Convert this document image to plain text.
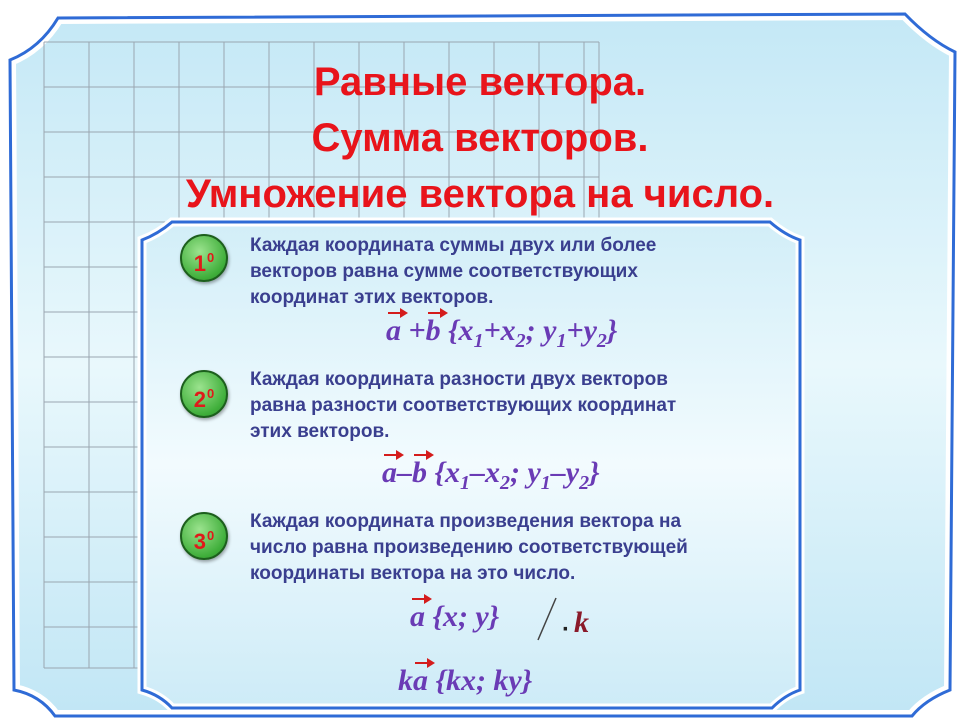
Равные вектора.
Сумма векторов.
Умножение вектора на число.
$1^0$
Каждая координата суммы двух или более
векторов равна сумме соответствующих
координат этих векторов.
a +b {$x_1+x_2$; $y_1+y_2$}
$2^0$
Каждая координата разности двух векторов
равна разности соответствующих координат
этих векторов.
a–b {$x_1-x_2$; $y_1-y_2$}
$3^0$
Каждая координата произведения вектора на
число равна произведению соответствующей
координаты вектора на это число.
a {x; y}	· k
ka {kx; ky}
